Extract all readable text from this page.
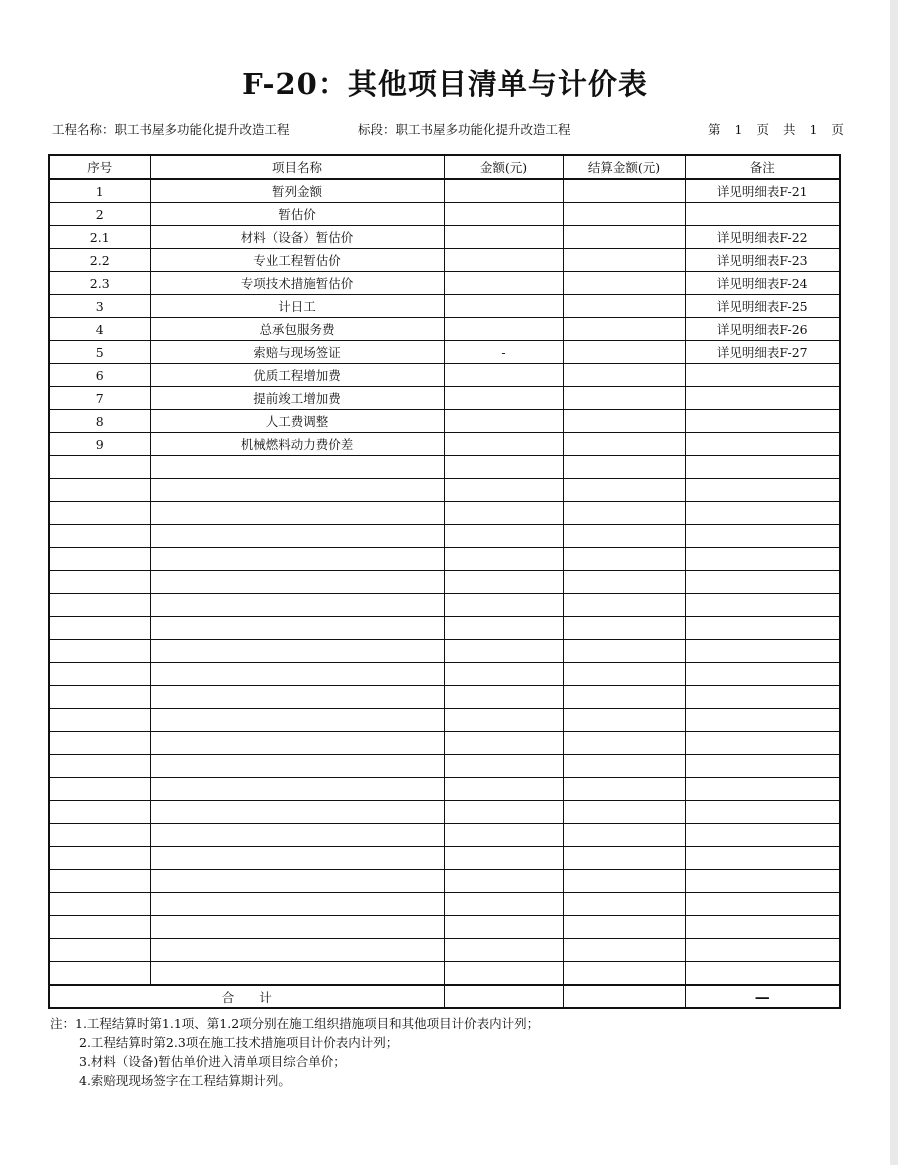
F-20：其他项目清单与计价表
工程名称：职工书屋多功能化提升改造工程	标段：职工书屋多功能化提升改造工程	第 1 页 共 1 页
序号	项目名称	金额(元)	结算金额(元)	备注
1	暂列金额			详见明细表F-21
2	暂估价			
2.1	材料（设备）暂估价			详见明细表F-22
2.2	专业工程暂估价			详见明细表F-23
2.3	专项技术措施暂估价			详见明细表F-24
3	计日工			详见明细表F-25
4	总承包服务费			详见明细表F-26
5	索赔与现场签证	-		详见明细表F-27
6	优质工程增加费			
7	提前竣工增加费			
8	人工费调整			
9	机械燃料动力费价差			

合　　计				—
注：1.工程结算时第1.1项、第1.2项分别在施工组织措施项目和其他项目计价表内计列；
2.工程结算时第2.3项在施工技术措施项目计价表内计列；
3.材料（设备)暂估单价进入清单项目综合单价；
4.索赔现现场签字在工程结算期计列。
